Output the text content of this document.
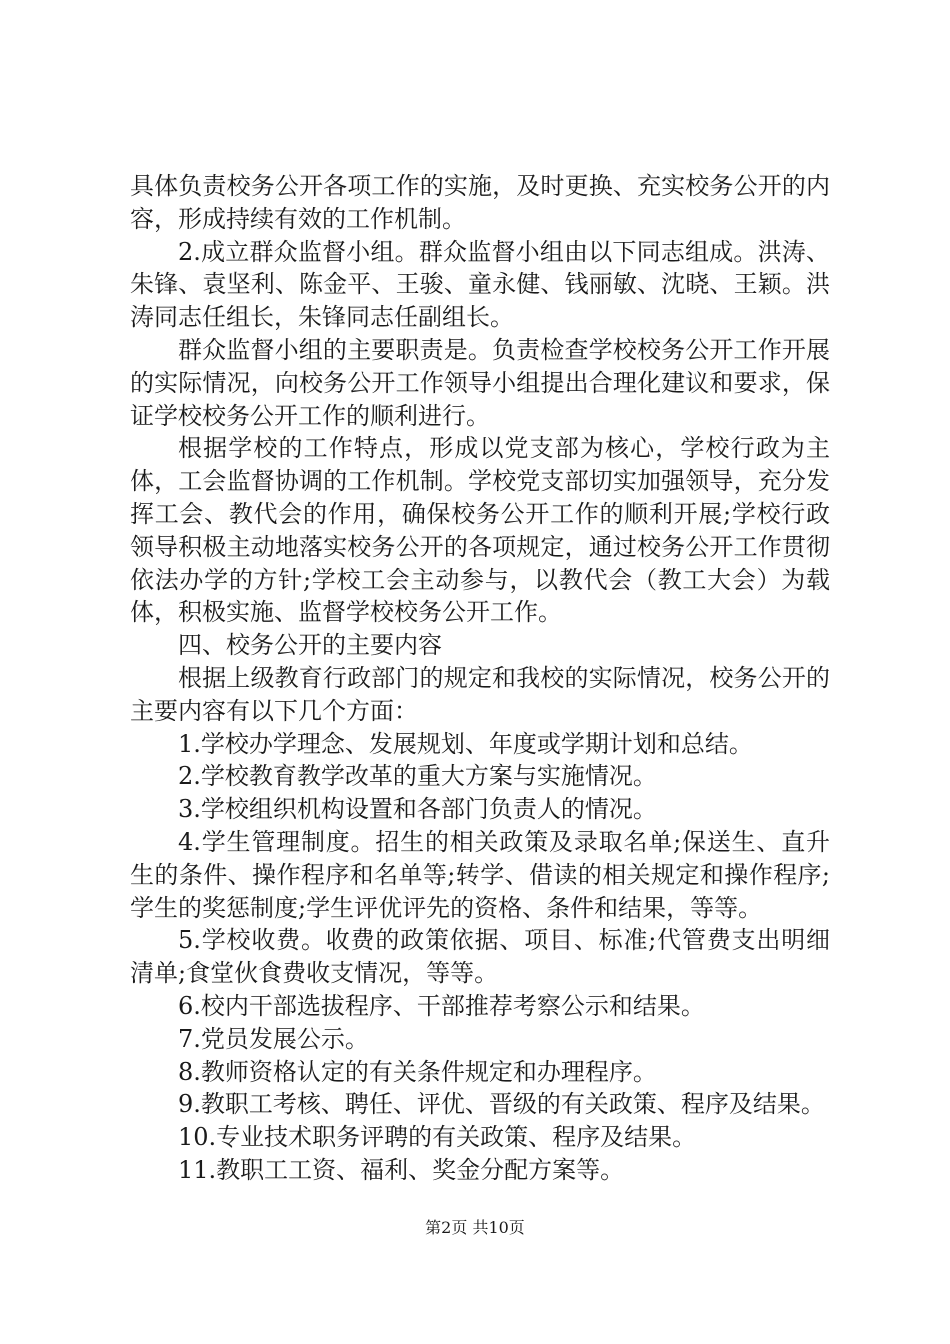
具体负责校务公开各项工作的实施，及时更换、充实校务公开的内容，形成持续有效的工作机制。

2.成立群众监督小组。群众监督小组由以下同志组成。洪涛、朱锋、袁坚利、陈金平、王骏、童永健、钱丽敏、沈晓、王颖。洪涛同志任组长，朱锋同志任副组长。

群众监督小组的主要职责是。负责检查学校校务公开工作开展的实际情况，向校务公开工作领导小组提出合理化建议和要求，保证学校校务公开工作的顺利进行。

根据学校的工作特点，形成以党支部为核心，学校行政为主体，工会监督协调的工作机制。学校党支部切实加强领导，充分发挥工会、教代会的作用，确保校务公开工作的顺利开展;学校行政领导积极主动地落实校务公开的各项规定，通过校务公开工作贯彻依法办学的方针;学校工会主动参与，以教代会（教工大会）为载体，积极实施、监督学校校务公开工作。

四、校务公开的主要内容

根据上级教育行政部门的规定和我校的实际情况，校务公开的主要内容有以下几个方面：

1.学校办学理念、发展规划、年度或学期计划和总结。

2.学校教育教学改革的重大方案与实施情况。

3.学校组织机构设置和各部门负责人的情况。

4.学生管理制度。招生的相关政策及录取名单;保送生、直升生的条件、操作程序和名单等;转学、借读的相关规定和操作程序;学生的奖惩制度;学生评优评先的资格、条件和结果，等等。

5.学校收费。收费的政策依据、项目、标准;代管费支出明细清单;食堂伙食费收支情况，等等。

6.校内干部选拔程序、干部推荐考察公示和结果。

7.党员发展公示。

8.教师资格认定的有关条件规定和办理程序。

9.教职工考核、聘任、评优、晋级的有关政策、程序及结果。

10.专业技术职务评聘的有关政策、程序及结果。

11.教职工工资、福利、奖金分配方案等。

第2页 共10页
